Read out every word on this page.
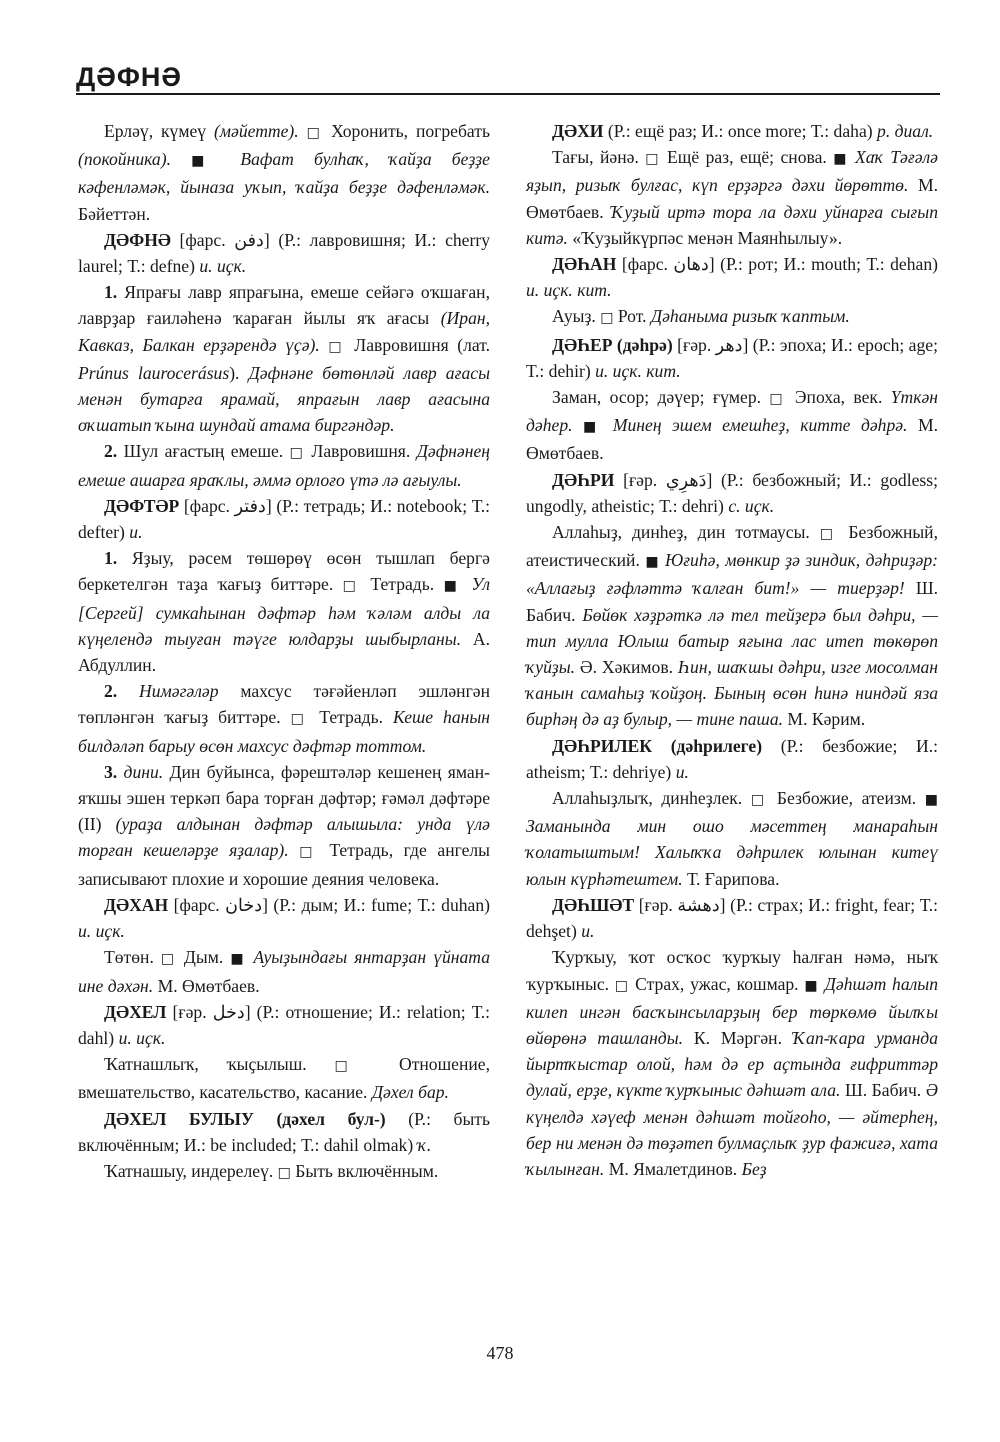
ДӘФНӘ

Ерләү, күмеү (мәйетте). □ Хоронить, погребать (покойника). ■ Вафат булһаҡ, ҡайҙа беҙҙе кәфенләмәк, йыназа уҡып, ҡайҙа беҙҙе дәфенләмәк. Бәйеттән.

ДӘФНӘ [фарс. دفن] (Р.: лавровишня; И.: cherry laurel; Т.: defne) и. иҫк.

1. Япрағы лавр япрағына, емеше сейәгә оҡшаған, лаврҙар ғаиләһенә ҡараған йылы яҡ ағасы (Иран, Кавказ, Балкан ерҙәрендә үҫә). □ Лавровишня (лат. Prúnus laurocerásus). Дәфнәне бөтөнләй лавр ағасы менән бутарға ярамай, япрағын лавр ағасына оҡшатып ҡына шундай атама биргәндәр.

2. Шул ағастың емеше. □ Лавровишня. Дәфнәнең емеше ашарға яраҡлы, әммә орлоғо үтә лә ағыулы.

ДӘФТӘР [фарс. دفتر] (Р.: тетрадь; И.: notebook; Т.: defter) и.

1. Яҙыу, рәсем төшөрөү өсөн тышлап бергә беркетелгән таҙа ҡағыҙ биттәре. □ Тетрадь. ■ Ул [Сергей] сумкаһынан дәфтәр һәм ҡәләм алды ла күңелендә тыуған тәүге юлдарҙы шыбырланы. А. Абдуллин.

2. Нимәгәләр махсус тәғәйенләп эшләнгән төпләнгән ҡағыҙ биттәре. □ Тетрадь. Кеше һанын билдәләп барыу өсөн махсус дәфтәр тоттом.

3. дини. Дин буйынса, фәрештәләр кешенең яман-яҡшы эшен теркәп бара торған дәфтәр; ғәмәл дәфтәре (II) (ураҙа алдынан дәфтәр алышыла: унда үлә торған кешеләрҙе яҙалар). □ Тетрадь, где ангелы записывают плохие и хорошие деяния человека.

ДӘХАН [фарс. دخان] (Р.: дым; И.: fume; Т.: duhan) и. иҫк.

Төтөн. □ Дым. ■ Ауыҙындағы янтарҙан үйната ине дәхән. М. Өмөтбаев.

ДӘХЕЛ [ғәр. دخل] (Р.: отношение; И.: relation; Т.: dahl) и. иҫк.

Ҡатнашлыҡ, ҡыҫылыш. □ Отношение, вмешательство, касательство, касание. Дәхел бар.

ДӘХЕЛ БУЛЫУ (дәхел бул-) (Р.: быть включённым; И.: be included; Т.: dahil olmak) ҡ.

Ҡатнашыу, индерелеү. □ Быть включённым.

ДӘХИ (Р.: ещё раз; И.: once more; Т.: daha) р. диал.

Тағы, йәнә. □ Ещё раз, ещё; снова. ■ Хаҡ Тәғәлә яҙып, ризыҡ булғас, күп ерҙәргә дәхи йөрөттө. М. Өмөтбаев. Ҡуҙый иртә тора ла дәхи уйнарға сығып китә. «Ҡуҙыйкүрпәс менән Маянһылыу».

ДӘҺАН [фарс. دهان] (Р.: рот; И.: mouth; Т.: dehan) и. иҫк. кит.

Ауыҙ. □ Рот. Дәһаныма ризыҡ ҡаптым.

ДӘҺЕР (дәһрә) [ғәр. دهر] (Р.: эпоха; И.: epoch; age; Т.: dehir) и. иҫк. кит.

Заман, осор; дәүер; ғүмер. □ Эпоха, век. Үткән дәһер. ■ Минең эшем емешһеҙ, китте дәһрә. М. Өмөтбаев.

ДӘҺРИ [ғәр. دَهرِي] (Р.: безбожный; И.: godless; ungodly, atheistic; Т.: dehri) с. иҫк.

Аллаһыҙ, динһеҙ, дин тотмаусы. □ Безбожный, атеистический. ■ Юғиһә, мөнкир ҙә зиндик, дәһриҙәр: «Аллағыҙ ғәфләттә ҡалған бит!» — тиерҙәр! Ш. Бабич. Бөйөк хәҙрәткә лә тел тейҙерә был дәһри, — тип мулла Юлыш батыр яғына лас итеп төкөрөп ҡуйҙы. Ә. Хәкимов. Һин, шаҡшы дәһри, изге мосолман ҡанын самаһыҙ ҡойҙоң. Бының өсөн һинә ниндәй яза бирһәң дә аҙ булыр, — тине паша. М. Кәрим.

ДӘҺРИЛЕК (дәһрилеге) (Р.: безбожие; И.: atheism; Т.: dehriye) и.

Аллаһыҙлыҡ, динһеҙлек. □ Безбожие, атеизм. ■ Заманында мин ошо мәсеттең манараһын ҡолатыштым! Халыҡҡа дәһрилек юлынан китеү юлын күрһәтештем. Т. Ғарипова.

ДӘҺШӘТ [ғәр. دهشة] (Р.: страх; И.: fright, fear; Т.: dehşet) и.

Ҡурҡыу, ҡот осҡос ҡурҡыу һалған нәмә, ныҡ ҡурҡыныс. □ Страх, ужас, кошмар. ■ Дәһшәт һалып килеп ингән басҡынсыларҙың бер төркөмө йылҡы өйөрөнә ташланды. К. Мәргән. Ҡап-ҡара урманда йыртҡыстар олой, һәм дә ер аҫтында ғифриттәр дулай, ерҙе, күкте ҡурҡыныс дәһшәт ала. Ш. Бабич. Ә күңелдә хәүеф менән дәһшәт тойғоһо, — әйтерһең, бер ни менән дә төҙәтеп булмаҫлыҡ ҙур фажиғә, хата ҡылынған. М. Ямалетдинов. Беҙ

478
